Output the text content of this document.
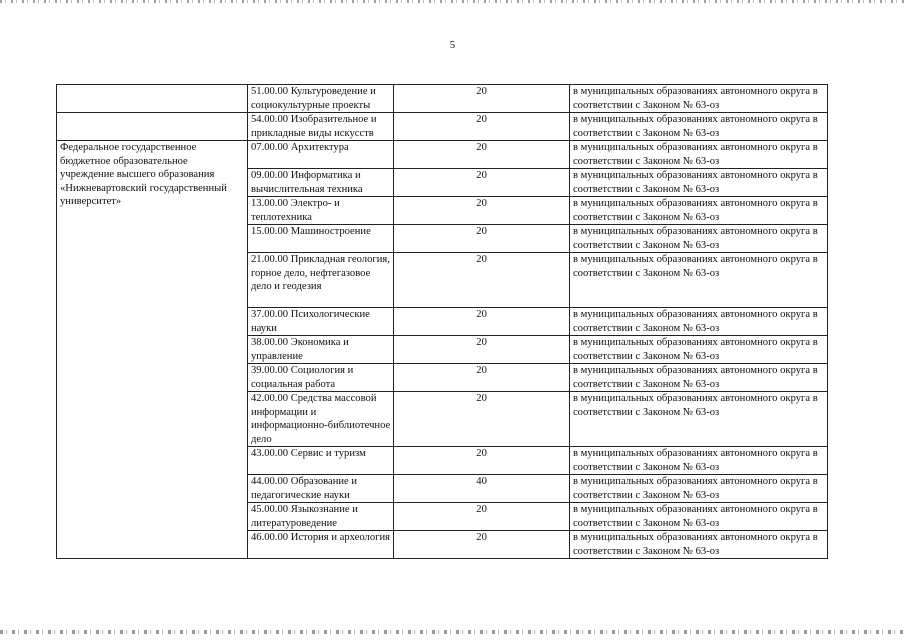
5
	51.00.00 Культуроведение и социокультурные проекты	20	в муниципальных образованиях автономного округа в соответствии с Законом № 63-оз
	54.00.00 Изобразительное и прикладные виды искусств	20	в муниципальных образованиях автономного округа в соответствии с Законом № 63-оз
Федеральное государственное бюджетное образовательное учреждение высшего образования «Нижневартовский государственный университет»	07.00.00 Архитектура	20	в муниципальных образованиях автономного округа в соответствии с Законом № 63-оз
	09.00.00 Информатика и вычислительная техника	20	в муниципальных образованиях автономного округа в соответствии с Законом № 63-оз
	13.00.00 Электро- и теплотехника	20	в муниципальных образованиях автономного округа в соответствии с Законом № 63-оз
	15.00.00 Машиностроение	20	в муниципальных образованиях автономного округа в соответствии с Законом № 63-оз
	21.00.00 Прикладная геология, горное дело, нефтегазовое дело и геодезия	20	в муниципальных образованиях автономного округа в соответствии с Законом № 63-оз
	37.00.00 Психологические науки	20	в муниципальных образованиях автономного округа в соответствии с Законом № 63-оз
	38.00.00 Экономика и управление	20	в муниципальных образованиях автономного округа в соответствии с Законом № 63-оз
	39.00.00 Социология и социальная работа	20	в муниципальных образованиях автономного округа в соответствии с Законом № 63-оз
	42.00.00 Средства массовой информации и информационно-библиотечное дело	20	в муниципальных образованиях автономного округа в соответствии с Законом № 63-оз
	43.00.00 Сервис и туризм	20	в муниципальных образованиях автономного округа в соответствии с Законом № 63-оз
	44.00.00 Образование и педагогические науки	40	в муниципальных образованиях автономного округа в соответствии с Законом № 63-оз
	45.00.00 Языкознание и литературоведение	20	в муниципальных образованиях автономного округа в соответствии с Законом № 63-оз
	46.00.00 История и археология	20	в муниципальных образованиях автономного округа в соответствии с Законом № 63-оз
